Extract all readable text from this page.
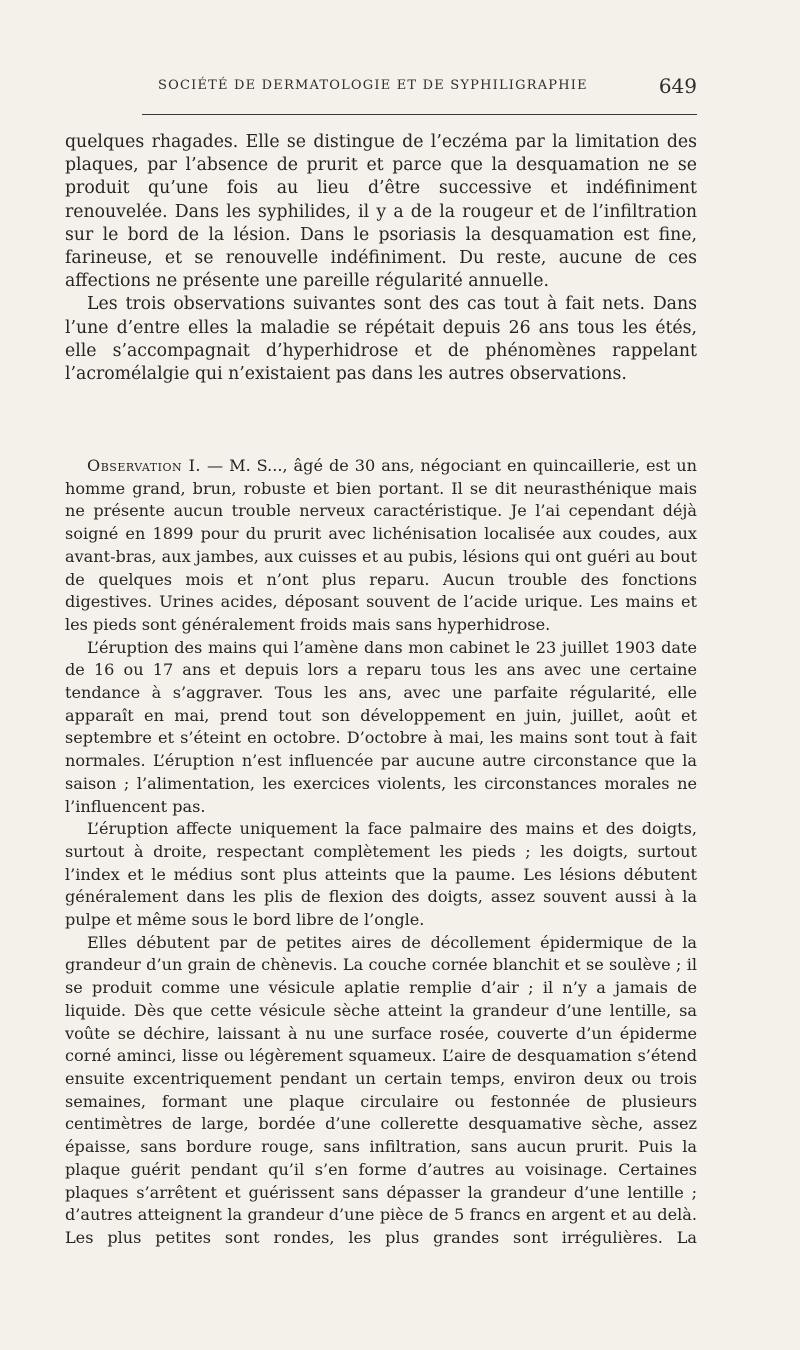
SOCIÉTÉ DE DERMATOLOGIE ET DE SYPHILIGRAPHIE	649

quelques rhagades. Elle se distingue de l’eczéma par la limitation des plaques, par l’absence de prurit et parce que la desquamation ne se produit qu’une fois au lieu d’être successive et indéfiniment renouvelée. Dans les syphilides, il y a de la rougeur et de l’infiltration sur le bord de la lésion. Dans le psoriasis la desquamation est fine, farineuse, et se renouvelle indéfiniment. Du reste, aucune de ces affections ne présente une pareille régularité annuelle.

Les trois observations suivantes sont des cas tout à fait nets. Dans l’une d’entre elles la maladie se répétait depuis 26 ans tous les étés, elle s’accompagnait d’hyperhidrose et de phénomènes rappelant l’acromélalgie qui n’existaient pas dans les autres observations.

Observation I. — M. S..., âgé de 30 ans, négociant en quincaillerie, est un homme grand, brun, robuste et bien portant. Il se dit neurasthénique mais ne présente aucun trouble nerveux caractéristique. Je l’ai cependant déjà soigné en 1899 pour du prurit avec lichénisation localisée aux coudes, aux avant-bras, aux jambes, aux cuisses et au pubis, lésions qui ont guéri au bout de quelques mois et n’ont plus reparu. Aucun trouble des fonctions digestives. Urines acides, déposant souvent de l’acide urique. Les mains et les pieds sont généralement froids mais sans hyperhidrose.

L’éruption des mains qui l’amène dans mon cabinet le 23 juillet 1903 date de 16 ou 17 ans et depuis lors a reparu tous les ans avec une certaine tendance à s’aggraver. Tous les ans, avec une parfaite régularité, elle apparaît en mai, prend tout son développement en juin, juillet, août et septembre et s’éteint en octobre. D’octobre à mai, les mains sont tout à fait normales. L’éruption n’est influencée par aucune autre circonstance que la saison ; l’alimentation, les exercices violents, les circonstances morales ne l’influencent pas.

L’éruption affecte uniquement la face palmaire des mains et des doigts, surtout à droite, respectant complètement les pieds ; les doigts, surtout l’index et le médius sont plus atteints que la paume. Les lésions débutent généralement dans les plis de flexion des doigts, assez souvent aussi à la pulpe et même sous le bord libre de l’ongle.

Elles débutent par de petites aires de décollement épidermique de la grandeur d’un grain de chènevis. La couche cornée blanchit et se soulève ; il se produit comme une vésicule aplatie remplie d’air ; il n’y a jamais de liquide. Dès que cette vésicule sèche atteint la grandeur d’une lentille, sa voûte se déchire, laissant à nu une surface rosée, couverte d’un épiderme corné aminci, lisse ou légèrement squameux. L’aire de desquamation s’étend ensuite excentriquement pendant un certain temps, environ deux ou trois semaines, formant une plaque circulaire ou festonnée de plusieurs centimètres de large, bordée d’une collerette desquamative sèche, assez épaisse, sans bordure rouge, sans infiltration, sans aucun prurit. Puis la plaque guérit pendant qu’il s’en forme d’autres au voisinage. Certaines plaques s’arrêtent et guérissent sans dépasser la grandeur d’une lentille ; d’autres atteignent la grandeur d’une pièce de 5 francs en argent et au delà. Les plus petites sont rondes, les plus grandes sont irrégulières. La
